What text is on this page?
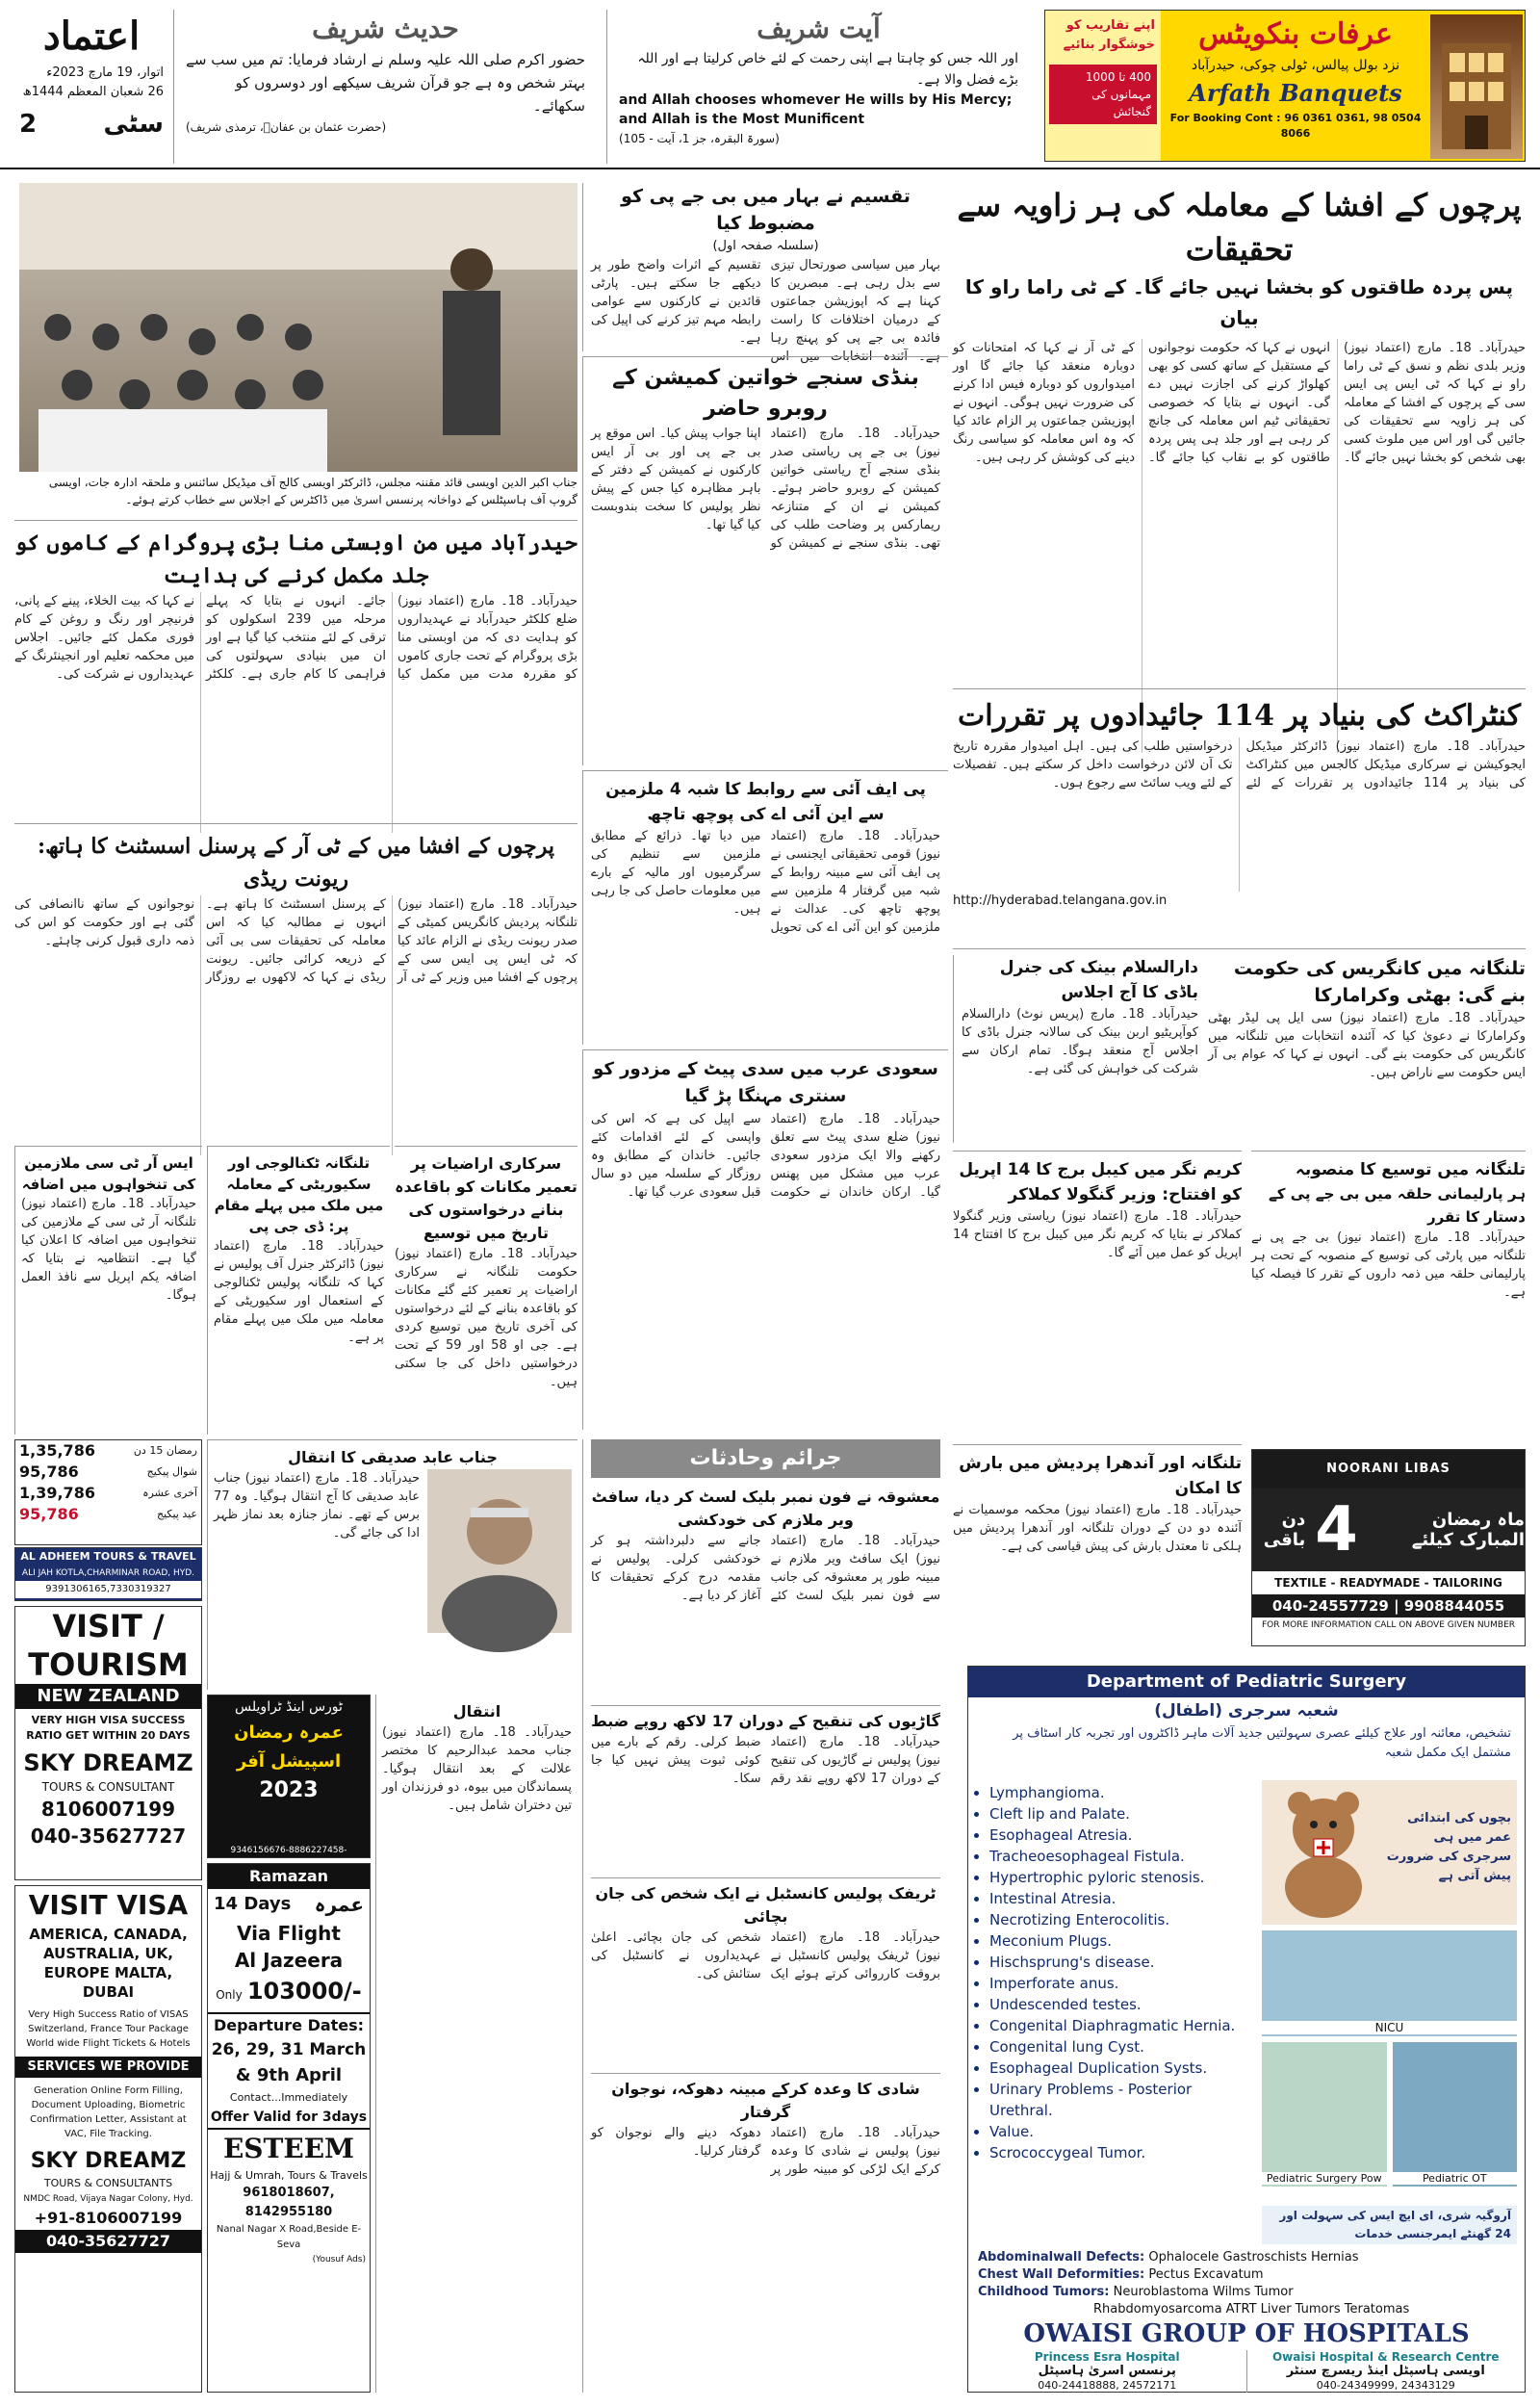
اعتماد
اتوار، 19 مارچ 2023ء
26 شعبان المعظم 1444ھ
2	سٹی
حدیث شریف
حضور اکرم صلی اللہ علیہ وسلم نے ارشاد فرمایا: تم میں سب سے بہتر شخص وہ ہے جو قرآن شریف سیکھے اور دوسروں کو سکھائے۔
(حضرت عثمان بن عفانؓ، ترمذی شریف)
آیت شریف
اور اللہ جس کو چاہتا ہے اپنی رحمت کے لئے خاص کرلیتا ہے اور اللہ بڑے فضل والا ہے۔
and Allah chooses whomever He wills by His Mercy; and Allah is the Most Munificent
(سورۃ البقرہ، جز 1، آیت - 105)
اپنے تقاریب کو خوشگوار بنائیے
400 تا 1000 مہمانوں کی گنجائش
عرفات بنکویٹس
نزد بولل پیالس، ٹولی چوکی، حیدرآباد
Arfath Banquets
For Booking Cont : 96 0361 0361, 98 0504 8066
پرچوں کے افشا کے معاملہ کی ہر زاویہ سے تحقیقات
پس پردہ طاقتوں کو بخشا نہیں جائے گا۔ کے ٹی راما راو کا بیان
حیدرآباد۔ 18۔ مارچ (اعتماد نیوز) وزیر بلدی نظم و نسق کے ٹی راما راو نے کہا کہ ٹی ایس پی ایس سی کے پرچوں کے افشا کے معاملہ کی ہر زاویہ سے تحقیقات کی جائیں گی اور اس میں ملوث کسی بھی شخص کو بخشا نہیں جائے گا۔ انہوں نے کہا کہ حکومت نوجوانوں کے مستقبل کے ساتھ کسی کو بھی کھلواڑ کرنے کی اجازت نہیں دے گی۔ انہوں نے بتایا کہ خصوصی تحقیقاتی ٹیم اس معاملہ کی جانچ کر رہی ہے اور جلد ہی پس پردہ طاقتوں کو بے نقاب کیا جائے گا۔ کے ٹی آر نے کہا کہ امتحانات کو دوبارہ منعقد کیا جائے گا اور امیدواروں کو دوبارہ فیس ادا کرنے کی ضرورت نہیں ہوگی۔ انہوں نے اپوزیشن جماعتوں پر الزام عائد کیا کہ وہ اس معاملہ کو سیاسی رنگ دینے کی کوشش کر رہی ہیں۔
کنٹراکٹ کی بنیاد پر 114 جائیدادوں پر تقررات
حیدرآباد۔ 18۔ مارچ (اعتماد نیوز) ڈائرکٹر میڈیکل ایجوکیشن نے سرکاری میڈیکل کالجس میں کنٹراکٹ کی بنیاد پر 114 جائیدادوں پر تقررات کے لئے درخواستیں طلب کی ہیں۔ اہل امیدوار مقررہ تاریخ تک آن لائن درخواست داخل کر سکتے ہیں۔ تفصیلات کے لئے ویب سائٹ سے رجوع ہوں۔
http://hyderabad.telangana.gov.in
تلنگانہ میں کانگریس کی حکومت بنے گی: بھٹی وکرامارکا
حیدرآباد۔ 18۔ مارچ (اعتماد نیوز) سی ایل پی لیڈر بھٹی وکرامارکا نے دعویٰ کیا کہ آئندہ انتخابات میں تلنگانہ میں کانگریس کی حکومت بنے گی۔ انہوں نے کہا کہ عوام بی آر ایس حکومت سے ناراض ہیں۔
دارالسلام بینک کی جنرل باڈی کا آج اجلاس
حیدرآباد۔ 18۔ مارچ (پریس نوٹ) دارالسلام کوآپریٹیو اربن بینک کی سالانہ جنرل باڈی کا اجلاس آج منعقد ہوگا۔ تمام ارکان سے شرکت کی خواہش کی گئی ہے۔
کریم نگر میں کیبل برج کا 14 اپریل کو افتتاح: وزیر گنگولا کملاکر
حیدرآباد۔ 18۔ مارچ (اعتماد نیوز) ریاستی وزیر گنگولا کملاکر نے بتایا کہ کریم نگر میں کیبل برج کا افتتاح 14 اپریل کو عمل میں آئے گا۔
تلنگانہ میں توسیع کا منصوبہ
ہر پارلیمانی حلقہ میں بی جے پی کے دستار کا تقرر
حیدرآباد۔ 18۔ مارچ (اعتماد نیوز) بی جے پی نے تلنگانہ میں پارٹی کی توسیع کے منصوبہ کے تحت ہر پارلیمانی حلقہ میں ذمہ داروں کے تقرر کا فیصلہ کیا ہے۔
تلنگانہ اور آندھرا پردیش میں بارش کا امکان
حیدرآباد۔ 18۔ مارچ (اعتماد نیوز) محکمہ موسمیات نے آئندہ دو دن کے دوران تلنگانہ اور آندھرا پردیش میں ہلکی تا معتدل بارش کی پیش قیاسی کی ہے۔
NOORANI LIBAS
ماہ رمضان المبارک کیلئے
4
دن باقی
TEXTILE - READYMADE - TAILORING
040-24557729 | 9908844055
FOR MORE INFORMATION CALL ON ABOVE GIVEN NUMBER
Department of Pediatric Surgery
شعبہ سرجری (اطفال)
تشخیص، معائنہ اور علاج کیلئے عصری سہولتیں جدید آلات ماہر ڈاکٹروں اور تجربہ کار اسٹاف پر مشتمل ایک مکمل شعبہ
• Lymphangioma.
• Cleft lip and Palate.
• Esophageal Atresia.
• Tracheoesophageal Fistula.
• Hypertrophic pyloric stenosis.
• Intestinal Atresia.
• Necrotizing Enterocolitis.
• Meconium Plugs.
• Hischsprung's disease.
• Imperforate anus.
• Undescended testes.
• Congenital Diaphragmatic Hernia.
• Congenital lung Cyst.
• Esophageal Duplication Systs.
• Urinary Problems - Posterior Urethral.
• Value.
• Scrococcygeal Tumor.
بچوں کی ابتدائی عمر میں ہی سرجری کی ضرورت پیش آتی ہے
NICU
Pediatric Surgery Pow	Pediatric OT
آروگیہ شری، ای ایچ ایس کی سہولت اور 24 گھنٹے ایمرجنسی خدمات
Abdominalwall Defects: Ophalocele Gastroschists Hernias
Chest Wall Deformities: Pectus Excavatum
Childhood Tumors: Neuroblastoma Wilms Tumor
Rhabdomyosarcoma ATRT Liver Tumors Teratomas
OWAISI GROUP OF HOSPITALS
Princess Esra Hospital
پرنسس اسریٰ ہاسپٹل
040-24418888, 24572171
Owaisi Hospital & Research Centre
اویسی ہاسپٹل اینڈ ریسرچ سنٹر
040-24349999, 24343129
تقسیم نے بہار میں بی جے پی کو مضبوط کیا
(سلسلہ صفحہ اول)
بہار میں سیاسی صورتحال تیزی سے بدل رہی ہے۔ مبصرین کا کہنا ہے کہ اپوزیشن جماعتوں کے درمیان اختلافات کا راست فائدہ بی جے پی کو پہنچ رہا ہے۔ آئندہ انتخابات میں اس تقسیم کے اثرات واضح طور پر دیکھے جا سکتے ہیں۔ پارٹی قائدین نے کارکنوں سے عوامی رابطہ مہم تیز کرنے کی اپیل کی ہے۔
بنڈی سنجے خواتین کمیشن کے روبرو حاضر
حیدرآباد۔ 18۔ مارچ (اعتماد نیوز) بی جے پی ریاستی صدر بنڈی سنجے آج ریاستی خواتین کمیشن کے روبرو حاضر ہوئے۔ کمیشن نے ان کے متنازعہ ریمارکس پر وضاحت طلب کی تھی۔ بنڈی سنجے نے کمیشن کو اپنا جواب پیش کیا۔ اس موقع پر بی جے پی اور بی آر ایس کارکنوں نے کمیشن کے دفتر کے باہر مظاہرہ کیا جس کے پیش نظر پولیس کا سخت بندوبست کیا گیا تھا۔
پی ایف آئی سے روابط کا شبہ 4 ملزمین سے این آئی اے کی پوچھ تاچھ
حیدرآباد۔ 18۔ مارچ (اعتماد نیوز) قومی تحقیقاتی ایجنسی نے پی ایف آئی سے مبینہ روابط کے شبہ میں گرفتار 4 ملزمین سے پوچھ تاچھ کی۔ عدالت نے ملزمین کو این آئی اے کی تحویل میں دیا تھا۔ ذرائع کے مطابق ملزمین سے تنظیم کی سرگرمیوں اور مالیہ کے بارے میں معلومات حاصل کی جا رہی ہیں۔
سعودی عرب میں سدی پیٹ کے مزدور کو سنتری مہنگا پڑ گیا
حیدرآباد۔ 18۔ مارچ (اعتماد نیوز) ضلع سدی پیٹ سے تعلق رکھنے والا ایک مزدور سعودی عرب میں مشکل میں پھنس گیا۔ ارکان خاندان نے حکومت سے اپیل کی ہے کہ اس کی واپسی کے لئے اقدامات کئے جائیں۔ خاندان کے مطابق وہ روزگار کے سلسلہ میں دو سال قبل سعودی عرب گیا تھا۔
جرائم وحادثات
معشوقہ نے فون نمبر بلیک لسٹ کر دیا، سافٹ ویر ملازم کی خودکشی
حیدرآباد۔ 18۔ مارچ (اعتماد نیوز) ایک سافٹ ویر ملازم نے مبینہ طور پر معشوقہ کی جانب سے فون نمبر بلیک لسٹ کئے جانے سے دلبرداشتہ ہو کر خودکشی کرلی۔ پولیس نے مقدمہ درج کرکے تحقیقات کا آغاز کر دیا ہے۔
گاڑیوں کی تنقیح کے دوران 17 لاکھ روپے ضبط
حیدرآباد۔ 18۔ مارچ (اعتماد نیوز) پولیس نے گاڑیوں کی تنقیح کے دوران 17 لاکھ روپے نقد رقم ضبط کرلی۔ رقم کے بارے میں کوئی ثبوت پیش نہیں کیا جا سکا۔
ٹریفک پولیس کانسٹبل نے ایک شخص کی جان بچائی
حیدرآباد۔ 18۔ مارچ (اعتماد نیوز) ٹریفک پولیس کانسٹبل نے بروقت کارروائی کرتے ہوئے ایک شخص کی جان بچائی۔ اعلیٰ عہدیداروں نے کانسٹبل کی ستائش کی۔
شادی کا وعدہ کرکے مبینہ دھوکہ، نوجوان گرفتار
حیدرآباد۔ 18۔ مارچ (اعتماد نیوز) پولیس نے شادی کا وعدہ کرکے ایک لڑکی کو مبینہ طور پر دھوکہ دینے والے نوجوان کو گرفتار کرلیا۔
جناب اکبر الدین اویسی قائد مقننہ مجلس، ڈائرکٹر اویسی کالج آف میڈیکل سائنس و ملحقہ ادارہ جات، اویسی گروپ آف ہاسپٹلس کے دواخانہ پرنسس اسریٰ میں ڈاکٹرس کے اجلاس سے خطاب کرتے ہوئے۔
حیدرآباد میں من اوبستی منا بڑی پروگرام کے کاموں کو جلد مکمل کرنے کی ہدایت
حیدرآباد۔ 18۔ مارچ (اعتماد نیوز) ضلع کلکٹر حیدرآباد نے عہدیداروں کو ہدایت دی کہ من اوبستی منا بڑی پروگرام کے تحت جاری کاموں کو مقررہ مدت میں مکمل کیا جائے۔ انہوں نے بتایا کہ پہلے مرحلہ میں 239 اسکولوں کو ترقی کے لئے منتخب کیا گیا ہے اور ان میں بنیادی سہولتوں کی فراہمی کا کام جاری ہے۔ کلکٹر نے کہا کہ بیت الخلاء، پینے کے پانی، فرنیچر اور رنگ و روغن کے کام فوری مکمل کئے جائیں۔ اجلاس میں محکمہ تعلیم اور انجینئرنگ کے عہدیداروں نے شرکت کی۔
پرچوں کے افشا میں کے ٹی آر کے پرسنل اسسٹنٹ کا ہاتھ: ریونت ریڈی
حیدرآباد۔ 18۔ مارچ (اعتماد نیوز) تلنگانہ پردیش کانگریس کمیٹی کے صدر ریونت ریڈی نے الزام عائد کیا کہ ٹی ایس پی ایس سی کے پرچوں کے افشا میں وزیر کے ٹی آر کے پرسنل اسسٹنٹ کا ہاتھ ہے۔ انہوں نے مطالبہ کیا کہ اس معاملہ کی تحقیقات سی بی آئی کے ذریعہ کرائی جائیں۔ ریونت ریڈی نے کہا کہ لاکھوں بے روزگار نوجوانوں کے ساتھ ناانصافی کی گئی ہے اور حکومت کو اس کی ذمہ داری قبول کرنی چاہئے۔
سرکاری اراضیات پر تعمیر مکانات کو باقاعدہ بنانے درخواستوں کی تاریخ میں توسیع
حیدرآباد۔ 18۔ مارچ (اعتماد نیوز) حکومت تلنگانہ نے سرکاری اراضیات پر تعمیر کئے گئے مکانات کو باقاعدہ بنانے کے لئے درخواستوں کی آخری تاریخ میں توسیع کردی ہے۔ جی او 58 اور 59 کے تحت درخواستیں داخل کی جا سکتی ہیں۔
تلنگانہ ٹکنالوجی اور سکیوریٹی کے معاملہ میں ملک میں پہلے مقام پر: ڈی جی پی
حیدرآباد۔ 18۔ مارچ (اعتماد نیوز) ڈائرکٹر جنرل آف پولیس نے کہا کہ تلنگانہ پولیس ٹکنالوجی کے استعمال اور سکیوریٹی کے معاملہ میں ملک میں پہلے مقام پر ہے۔
ایس آر ٹی سی ملازمین کی تنخواہوں میں اضافہ
حیدرآباد۔ 18۔ مارچ (اعتماد نیوز) تلنگانہ آر ٹی سی کے ملازمین کی تنخواہوں میں اضافہ کا اعلان کیا گیا ہے۔ انتظامیہ نے بتایا کہ اضافہ یکم اپریل سے نافذ العمل ہوگا۔
جناب عابد صدیقی کا انتقال
حیدرآباد۔ 18۔ مارچ (اعتماد نیوز) جناب عابد صدیقی کا آج انتقال ہوگیا۔ وہ 77 برس کے تھے۔ نماز جنازہ بعد نماز ظہر ادا کی جائے گی۔
ٹورس اینڈ ٹراویلس
عمرہ رمضان اسپیشل آفر
2023
9346156676-8886227458-
Ramazan
14 Days عمرہ
Via Flight
Al Jazeera
Only 103000/-
Departure Dates:
26, 29, 31 March
& 9th April
Contact...Immediately
Offer Valid for 3days
ESTEEM
Hajj & Umrah, Tours & Travels
9618018607, 8142955180
Nanal Nagar X Road,Beside E-Seva
(Yousuf Ads)
انتقال
حیدرآباد۔ 18۔ مارچ (اعتماد نیوز) جناب محمد عبدالرحیم کا مختصر علالت کے بعد انتقال ہوگیا۔ پسماندگان میں بیوہ، دو فرزندان اور تین دختران شامل ہیں۔
1,35,786	رمضان 15 دن
95,786	شوال پیکیج
1,39,786	آخری عشرہ
95,786	عید پیکیج
AL ADHEEM TOURS & TRAVEL
ALI JAH KOTLA,CHARMINAR ROAD, HYD.
9391306165,7330319327
VISIT /
TOURISM
NEW ZEALAND
VERY HIGH VISA SUCCESS RATIO GET WITHIN 20 DAYS
SKY DREAMZ
TOURS & CONSULTANT
8106007199
040-35627727
VISIT VISA
AMERICA, CANADA, AUSTRALIA, UK, EUROPE MALTA, DUBAI
Very High Success Ratio of VISAS Switzerland, France Tour Package World wide Flight Tickets & Hotels
SERVICES WE PROVIDE
Generation Online Form Filling, Document Uploading, Biometric Confirmation Letter, Assistant at VAC, File Tracking.
SKY DREAMZ
TOURS & CONSULTANTS
NMDC Road, Vijaya Nagar Colony, Hyd.
+91-8106007199
040-35627727
